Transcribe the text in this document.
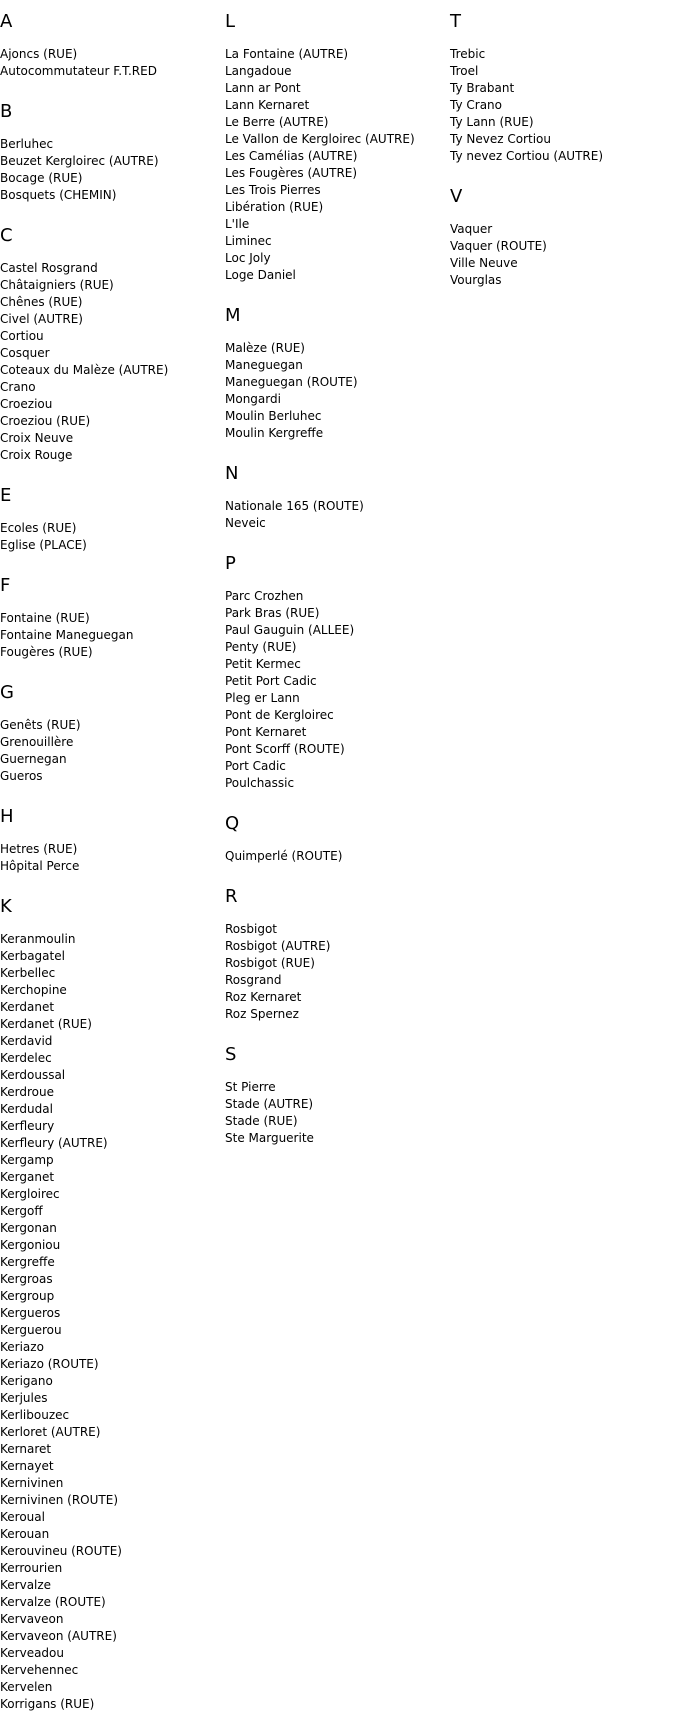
A
Ajoncs (RUE)
Autocommutateur F.T.RED
B
Berluhec
Beuzet Kergloirec (AUTRE)
Bocage (RUE)
Bosquets (CHEMIN)
C
Castel Rosgrand
Châtaigniers (RUE)
Chênes (RUE)
Civel (AUTRE)
Cortiou
Cosquer
Coteaux du Malèze (AUTRE)
Crano
Croeziou
Croeziou (RUE)
Croix Neuve
Croix Rouge
E
Ecoles (RUE)
Eglise (PLACE)
F
Fontaine (RUE)
Fontaine Maneguegan
Fougères (RUE)
G
Genêts (RUE)
Grenouillère
Guernegan
Gueros
H
Hetres (RUE)
Hôpital Perce
K
Keranmoulin
Kerbagatel
Kerbellec
Kerchopine
Kerdanet
Kerdanet (RUE)
Kerdavid
Kerdelec
Kerdoussal
Kerdroue
Kerdudal
Kerfleury
Kerfleury (AUTRE)
Kergamp
Kerganet
Kergloirec
Kergoff
Kergonan
Kergoniou
Kergreffe
Kergroas
Kergroup
Kergueros
Kerguerou
Keriazo
Keriazo (ROUTE)
Kerigano
Kerjules
Kerlibouzec
Kerloret (AUTRE)
Kernaret
Kernayet
Kernivinen
Kernivinen (ROUTE)
Keroual
Kerouan
Kerouvineu (ROUTE)
Kerrourien
Kervalze
Kervalze (ROUTE)
Kervaveon
Kervaveon (AUTRE)
Kerveadou
Kervehennec
Kervelen
Korrigans (RUE)
L
La Fontaine (AUTRE)
Langadoue
Lann ar Pont
Lann Kernaret
Le Berre (AUTRE)
Le Vallon de Kergloirec (AUTRE)
Les Camélias (AUTRE)
Les Fougères (AUTRE)
Les Trois Pierres
Libération (RUE)
L'Ile
Liminec
Loc Joly
Loge Daniel
M
Malèze (RUE)
Maneguegan
Maneguegan (ROUTE)
Mongardi
Moulin Berluhec
Moulin Kergreffe
N
Nationale 165 (ROUTE)
Neveic
P
Parc Crozhen
Park Bras (RUE)
Paul Gauguin (ALLEE)
Penty (RUE)
Petit Kermec
Petit Port Cadic
Pleg er Lann
Pont de Kergloirec
Pont Kernaret
Pont Scorff (ROUTE)
Port Cadic
Poulchassic
Q
Quimperlé (ROUTE)
R
Rosbigot
Rosbigot (AUTRE)
Rosbigot (RUE)
Rosgrand
Roz Kernaret
Roz Spernez
S
St Pierre
Stade (AUTRE)
Stade (RUE)
Ste Marguerite
T
Trebic
Troel
Ty Brabant
Ty Crano
Ty Lann (RUE)
Ty Nevez Cortiou
Ty nevez Cortiou (AUTRE)
V
Vaquer
Vaquer (ROUTE)
Ville Neuve
Vourglas
